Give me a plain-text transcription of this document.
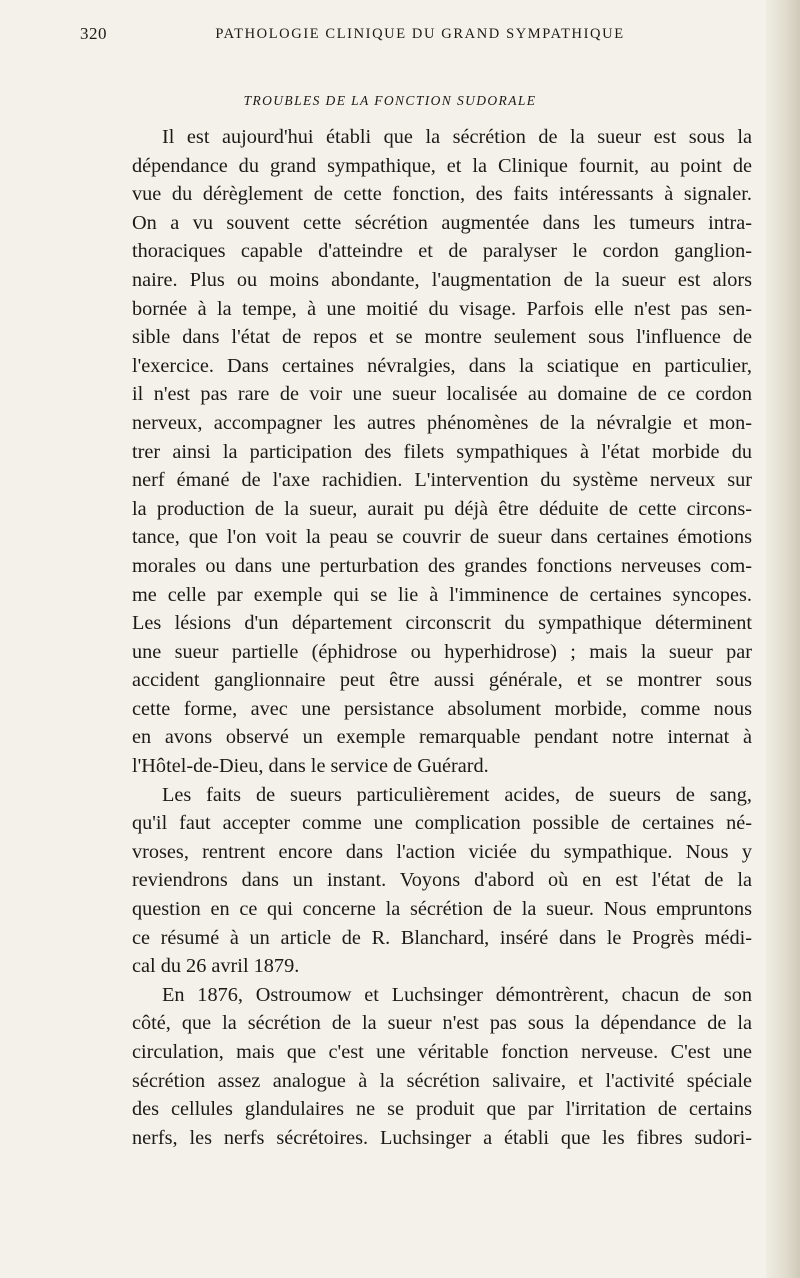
320	PATHOLOGIE CLINIQUE DU GRAND SYMPATHIQUE
TROUBLES DE LA FONCTION SUDORALE
Il est aujourd'hui établi que la sécrétion de la sueur est sous la
dépendance du grand sympathique, et la Clinique fournit, au point de
vue du dérèglement de cette fonction, des faits intéressants à signaler.
On a vu souvent cette sécrétion augmentée dans les tumeurs intra-
thoraciques capable d'atteindre et de paralyser le cordon ganglion-
naire. Plus ou moins abondante, l'augmentation de la sueur est alors
bornée à la tempe, à une moitié du visage. Parfois elle n'est pas sen-
sible dans l'état de repos et se montre seulement sous l'influence de
l'exercice. Dans certaines névralgies, dans la sciatique en particulier,
il n'est pas rare de voir une sueur localisée au domaine de ce cordon
nerveux, accompagner les autres phénomènes de la névralgie et mon-
trer ainsi la participation des filets sympathiques à l'état morbide du
nerf émané de l'axe rachidien. L'intervention du système nerveux sur
la production de la sueur, aurait pu déjà être déduite de cette circons-
tance, que l'on voit la peau se couvrir de sueur dans certaines émotions
morales ou dans une perturbation des grandes fonctions nerveuses com-
me celle par exemple qui se lie à l'imminence de certaines syncopes.
Les lésions d'un département circonscrit du sympathique déterminent
une sueur partielle (éphidrose ou hyperhidrose) ; mais la sueur par
accident ganglionnaire peut être aussi générale, et se montrer sous
cette forme, avec une persistance absolument morbide, comme nous
en avons observé un exemple remarquable pendant notre internat à
l'Hôtel-de-Dieu, dans le service de Guérard.
Les faits de sueurs particulièrement acides, de sueurs de sang,
qu'il faut accepter comme une complication possible de certaines né-
vroses, rentrent encore dans l'action viciée du sympathique. Nous y
reviendrons dans un instant. Voyons d'abord où en est l'état de la
question en ce qui concerne la sécrétion de la sueur. Nous empruntons
ce résumé à un article de R. Blanchard, inséré dans le Progrès médi-
cal du 26 avril 1879.
En 1876, Ostroumow et Luchsinger démontrèrent, chacun de son
côté, que la sécrétion de la sueur n'est pas sous la dépendance de la
circulation, mais que c'est une véritable fonction nerveuse. C'est une
sécrétion assez analogue à la sécrétion salivaire, et l'activité spéciale
des cellules glandulaires ne se produit que par l'irritation de certains
nerfs, les nerfs sécrétoires. Luchsinger a établi que les fibres sudori-
